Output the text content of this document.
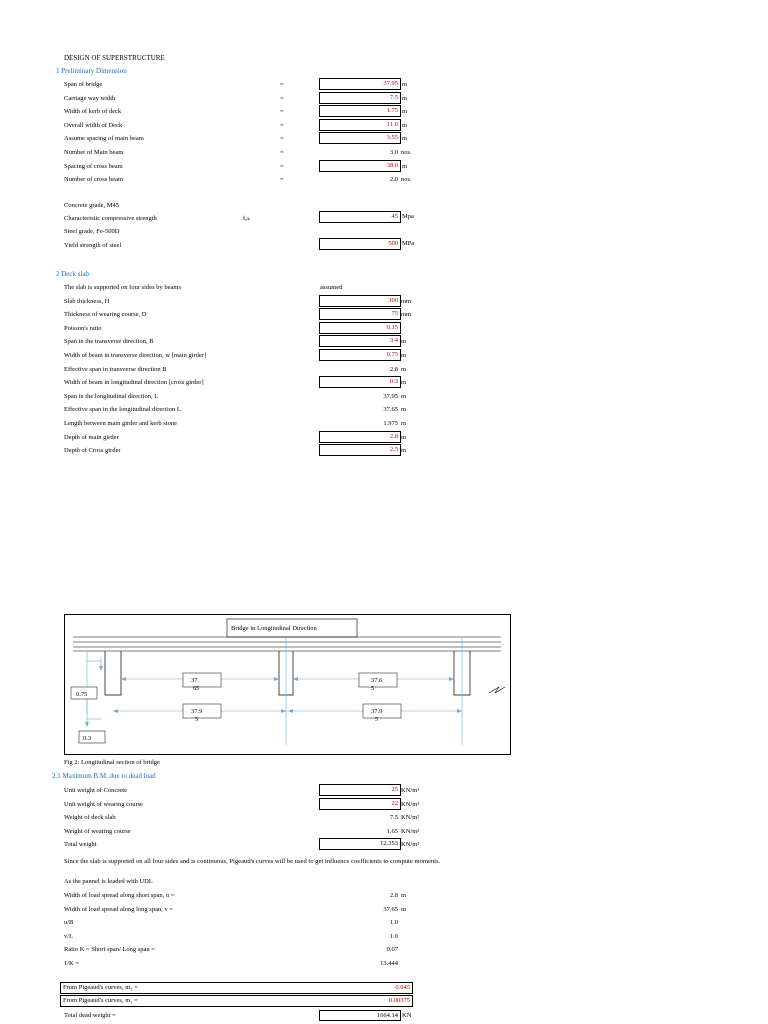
DESIGN OF SUPERSTRUCTURE
1 Preliminary Dimension
Span of bridge	=	37.95 m
Carriage way width	=	7.5 m
Width of kerb of deck	=	1.75 m
Overall width of Deck	=	11.0 m
Assume spacing of main beam	=	3.55 m
Number of Main beam	=	3.0 nos.
Spacing of cross beam	=	38.0 m
Number of cross beam	=	2.0 nos.
Concrete grade, M45
Characteristic compressive strength	f꜀ₖ	45 Mpa
Steel grade, Fe-500D
Yield strength of steel	500 MPa
2 Deck slab
The slab is supported on four sides by beams	assumed
Slab thickness, H	300 mm
Thickness of wearing course, D	75 mm
Poisson's ratio	0.15
Span in the transverse direction, B	3.4 m
Width of beam in transverse direction, w [main girder]	0.75 m
Effective span in transverse direction B	2.8 m
Width of beam in longitudinal direction [cross girder]	0.3 m
Span in the longitudinal direction, L	37.95 m
Effective span in the longitudinal direction L	37.65 m
Length between main girder and kerb stone	1.975 m
Depth of main girder	2.8 m
Depth of Cross girder	2.5 m
Bridge in Longitudinal Direction
37.
65
37.6
5
37.9
5
37.9
5
0.75
0.3
Fig 2: Longitudinal section of bridge
2.1 Maximum B.M. due to dead load
Unit weight of Concrete	25 KN/m³
Unit weight of wearing course	22 KN/m³
Weight of deck slab	7.5 KN/m²
Weight of wearing course	1.65 KN/m²
Total weight	12.353 KN/m²
Since the slab is supported on all four sides and is continuous, Pigeaud's curves will be used to get influence coefficients to compute moments.
As the pannel is loaded with UDL
Width of load spread along short span, u =	2.8 m
Width of load spread along long span, v =	37.65 m
u/B	1.0
v/L	1.0
Ratio K = Short span/ Long span =	0.07
1/K =	13.444
From Pigeaud's curves, m₁ =	0.045
From Pigeaud's curves, m₂ =	0.00375
Total dead weight =	1664.14 KN
